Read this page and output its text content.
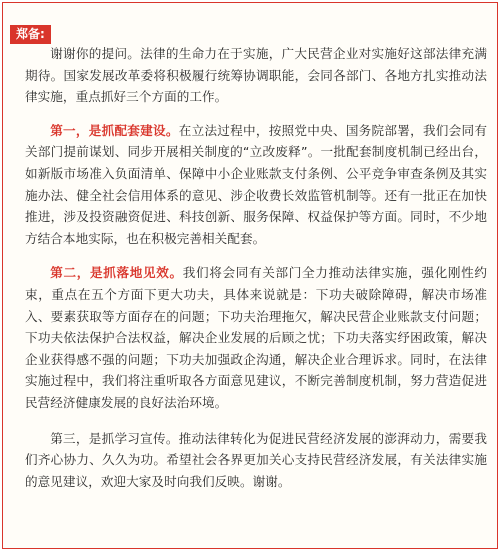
郑备:

谢谢你的提问。法律的生命力在于实施，广大民营企业对实施好这部法律充满期待。国家发展改革委将积极履行统筹协调职能，会同各部门、各地方扎实推动法律实施，重点抓好三个方面的工作。

第一，是抓配套建设。在立法过程中，按照党中央、国务院部署，我们会同有关部门提前谋划、同步开展相关制度的“立改废释”。一批配套制度机制已经出台，如新版市场准入负面清单、保障中小企业账款支付条例、公平竞争审查条例及其实施办法、健全社会信用体系的意见、涉企收费长效监管机制等。还有一批正在加快推进，涉及投资融资促进、科技创新、服务保障、权益保护等方面。同时，不少地方结合本地实际，也在积极完善相关配套。

第二，是抓落地见效。我们将会同有关部门全力推动法律实施，强化刚性约束，重点在五个方面下更大功夫，具体来说就是：下功夫破除障碍，解决市场准入、要素获取等方面存在的问题；下功夫治理拖欠，解决民营企业账款支付问题；下功夫依法保护合法权益，解决企业发展的后顾之忧；下功夫落实纾困政策，解决企业获得感不强的问题；下功夫加强政企沟通，解决企业合理诉求。同时，在法律实施过程中，我们将注重听取各方面意见建议，不断完善制度机制，努力营造促进民营经济健康发展的良好法治环境。

第三，是抓学习宣传。推动法律转化为促进民营经济发展的澎湃动力，需要我们齐心协力、久久为功。希望社会各界更加关心支持民营经济发展，有关法律实施的意见建议，欢迎大家及时向我们反映。谢谢。
